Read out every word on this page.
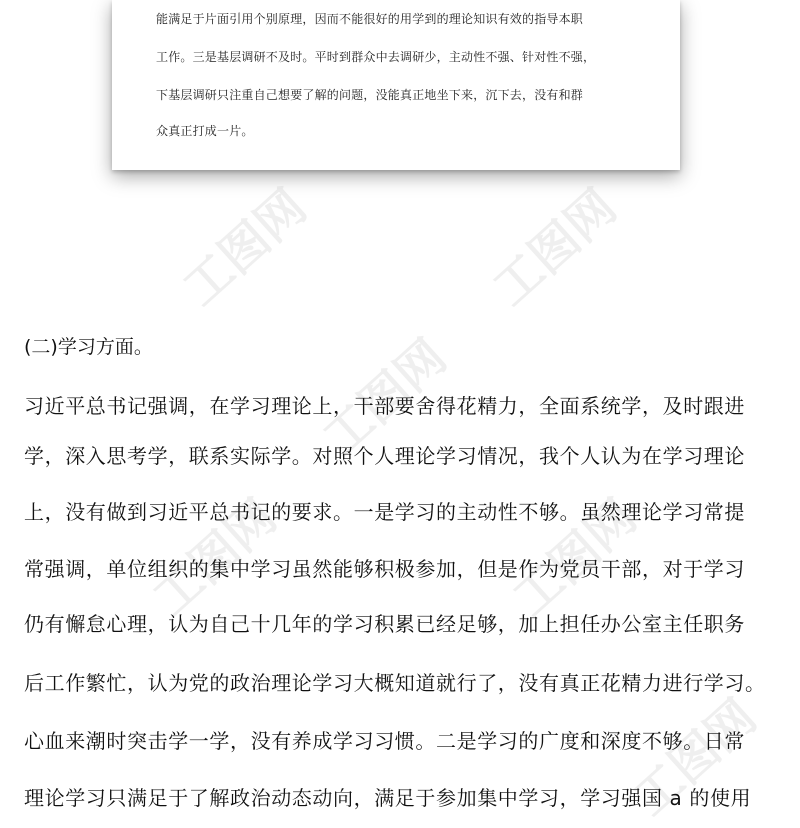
能满足于片面引用个别原理，因而不能很好的用学到的理论知识有效的指导本职
工作。三是基层调研不及时。平时到群众中去调研少，主动性不强、针对性不强，
下基层调研只注重自己想要了解的问题，没能真正地坐下来，沉下去，没有和群
众真正打成一片。
工图网	工图网
工图网
工图网	工图网
工图网
(二)学习方面。
习近平总书记强调，在学习理论上，干部要舍得花精力，全面系统学，及时跟进
学，深入思考学，联系实际学。对照个人理论学习情况，我个人认为在学习理论
上，没有做到习近平总书记的要求。一是学习的主动性不够。虽然理论学习常提
常强调，单位组织的集中学习虽然能够积极参加，但是作为党员干部，对于学习
仍有懈怠心理，认为自己十几年的学习积累已经足够，加上担任办公室主任职务
后工作繁忙，认为党的政治理论学习大概知道就行了，没有真正花精力进行学习。
心血来潮时突击学一学，没有养成学习习惯。二是学习的广度和深度不够。日常
理论学习只满足于了解政治动态动向，满足于参加集中学习，学习强国 a 的使用
